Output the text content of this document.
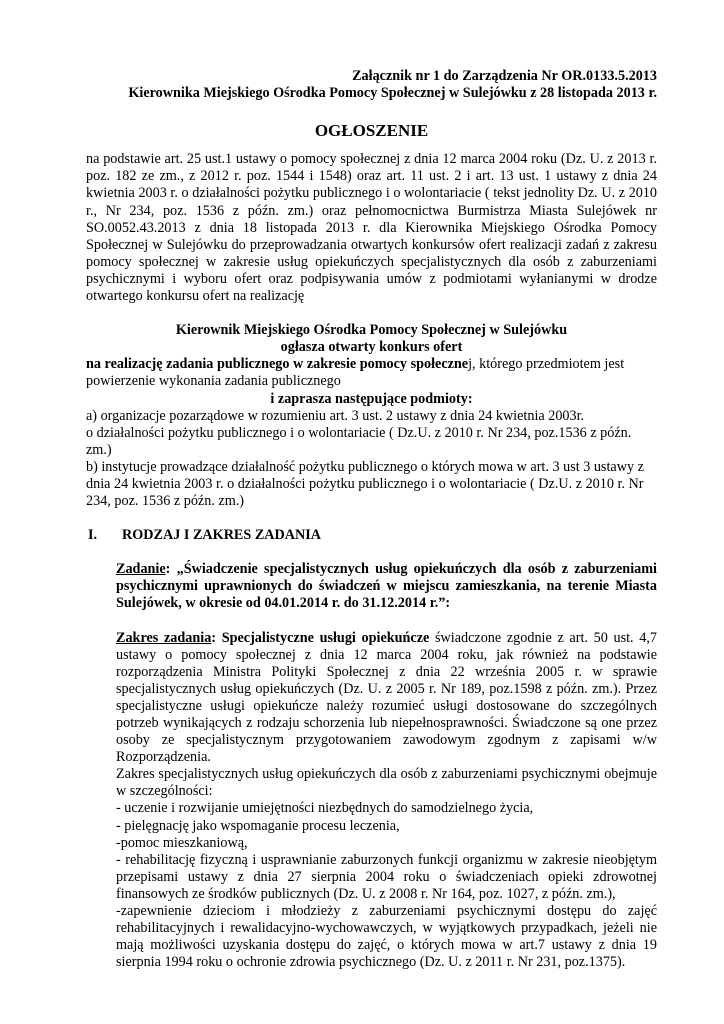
Załącznik nr 1 do Zarządzenia Nr OR.0133.5.2013

Kierownika Miejskiego Ośrodka Pomocy Społecznej w Sulejówku z 28 listopada 2013 r.

OGŁOSZENIE

na podstawie art. 25 ust.1 ustawy o pomocy społecznej z dnia 12 marca 2004 roku (Dz. U. z 2013 r. poz. 182 ze zm., z 2012 r. poz. 1544 i 1548) oraz art. 11 ust. 2 i art. 13 ust. 1 ustawy z dnia 24 kwietnia 2003 r. o działalności pożytku publicznego i o wolontariacie ( tekst jednolity Dz. U. z 2010 r., Nr 234, poz. 1536 z późn. zm.) oraz pełnomocnictwa Burmistrza Miasta Sulejówek nr SO.0052.43.2013 z dnia 18 listopada 2013 r. dla Kierownika Miejskiego Ośrodka Pomocy Społecznej w Sulejówku do przeprowadzania otwartych konkursów ofert realizacji zadań z zakresu pomocy społecznej w zakresie usług opiekuńczych specjalistycznych dla osób z zaburzeniami psychicznymi i wyboru ofert oraz podpisywania umów z podmiotami wyłanianymi w drodze otwartego konkursu ofert na realizację

Kierownik Miejskiego Ośrodka Pomocy Społecznej w Sulejówku

ogłasza otwarty konkurs ofert

na realizację zadania publicznego w zakresie pomocy społecznej, którego przedmiotem jest

powierzenie wykonania zadania publicznego

i zaprasza następujące podmioty:

a) organizacje pozarządowe w rozumieniu art. 3 ust. 2 ustawy z dnia 24 kwietnia 2003r.

o działalności pożytku publicznego i o wolontariacie ( Dz.U. z 2010 r. Nr 234, poz.1536 z późn. zm.)

b) instytucje prowadzące działalność pożytku publicznego o których mowa w art. 3 ust 3 ustawy z dnia 24 kwietnia 2003 r. o działalności pożytku publicznego i o wolontariacie ( Dz.U. z 2010 r. Nr 234, poz. 1536 z późn. zm.)

I.	RODZAJ I ZAKRES ZADANIA

Zadanie: „Świadczenie specjalistycznych usług opiekuńczych dla osób z zaburzeniami psychicznymi uprawnionych do świadczeń w miejscu zamieszkania, na terenie Miasta Sulejówek, w okresie od 04.01.2014 r. do 31.12.2014 r.”:

Zakres zadania: Specjalistyczne usługi opiekuńcze świadczone zgodnie z art. 50 ust. 4,7 ustawy o pomocy społecznej z dnia 12 marca 2004 roku, jak również na podstawie rozporządzenia Ministra Polityki Społecznej z dnia 22 września 2005 r. w sprawie specjalistycznych usług opiekuńczych (Dz. U. z 2005 r. Nr 189, poz.1598 z późn. zm.). Przez specjalistyczne usługi opiekuńcze należy rozumieć usługi dostosowane do szczególnych potrzeb wynikających z rodzaju schorzenia lub niepełnosprawności. Świadczone są one przez osoby ze specjalistycznym przygotowaniem zawodowym zgodnym z zapisami w/w Rozporządzenia.

Zakres specjalistycznych usług opiekuńczych dla osób z zaburzeniami psychicznymi obejmuje w szczególności:

- uczenie i rozwijanie umiejętności niezbędnych do samodzielnego życia,

- pielęgnację jako wspomaganie procesu leczenia,

-pomoc mieszkaniową,

- rehabilitację fizyczną i usprawnianie zaburzonych funkcji organizmu w zakresie nieobjętym przepisami ustawy z dnia 27 sierpnia 2004 roku o świadczeniach opieki zdrowotnej finansowych ze środków publicznych (Dz. U. z 2008 r. Nr 164, poz. 1027, z późn. zm.),

-zapewnienie dzieciom i młodzieży z zaburzeniami psychicznymi dostępu do zajęć rehabilitacyjnych i rewalidacyjno-wychowawczych, w wyjątkowych przypadkach, jeżeli nie mają możliwości uzyskania dostępu do zajęć, o których mowa w art.7 ustawy z dnia 19 sierpnia 1994 roku o ochronie zdrowia psychicznego (Dz. U. z 2011 r. Nr 231, poz.1375).
